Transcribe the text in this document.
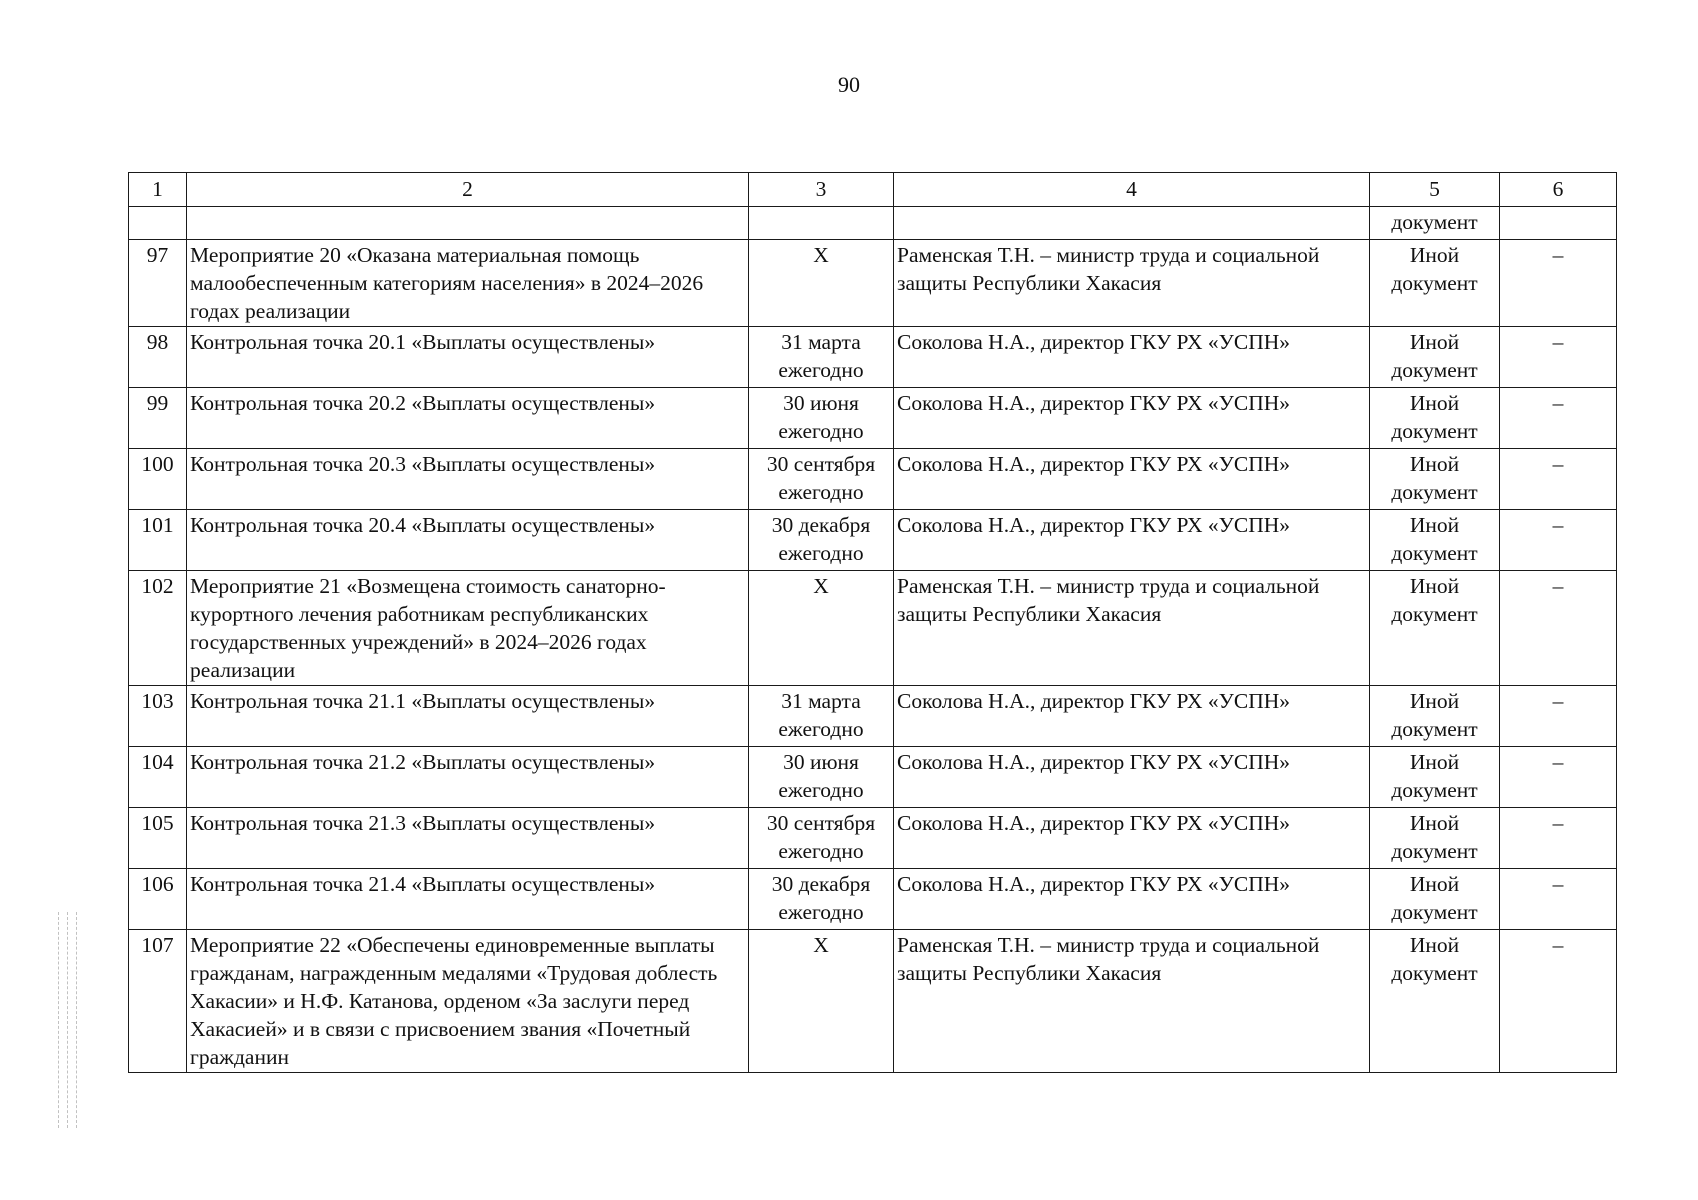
90
1	2	3	4	5	6
				документ	
97	Мероприятие 20 «Оказана материальная помощь малообеспеченным категориям населения» в 2024–2026 годах реализации	Х	Раменская Т.Н. – министр труда и социальной защиты Республики Хакасия	Иной документ	–
98	Контрольная точка 20.1 «Выплаты осуществлены»	31 марта ежегодно	Соколова Н.А., директор ГКУ РХ «УСПН»	Иной документ	–
99	Контрольная точка 20.2 «Выплаты осуществлены»	30 июня ежегодно	Соколова Н.А., директор ГКУ РХ «УСПН»	Иной документ	–
100	Контрольная точка 20.3 «Выплаты осуществлены»	30 сентября ежегодно	Соколова Н.А., директор ГКУ РХ «УСПН»	Иной документ	–
101	Контрольная точка 20.4 «Выплаты осуществлены»	30 декабря ежегодно	Соколова Н.А., директор ГКУ РХ «УСПН»	Иной документ	–
102	Мероприятие 21 «Возмещена стоимость санаторно-курортного лечения работникам республиканских государственных учреждений» в 2024–2026 годах реализации	Х	Раменская Т.Н. – министр труда и социальной защиты Республики Хакасия	Иной документ	–
103	Контрольная точка 21.1 «Выплаты осуществлены»	31 марта ежегодно	Соколова Н.А., директор ГКУ РХ «УСПН»	Иной документ	–
104	Контрольная точка 21.2 «Выплаты осуществлены»	30 июня ежегодно	Соколова Н.А., директор ГКУ РХ «УСПН»	Иной документ	–
105	Контрольная точка 21.3 «Выплаты осуществлены»	30 сентября ежегодно	Соколова Н.А., директор ГКУ РХ «УСПН»	Иной документ	–
106	Контрольная точка 21.4 «Выплаты осуществлены»	30 декабря ежегодно	Соколова Н.А., директор ГКУ РХ «УСПН»	Иной документ	–
107	Мероприятие 22 «Обеспечены единовременные выплаты гражданам, награжденным медалями «Трудовая доблесть Хакасии» и Н.Ф. Катанова, орденом «За заслуги перед Хакасией» и в связи с присвоением звания «Почетный гражданин	Х	Раменская Т.Н. – министр труда и социальной защиты Республики Хакасия	Иной документ	–
